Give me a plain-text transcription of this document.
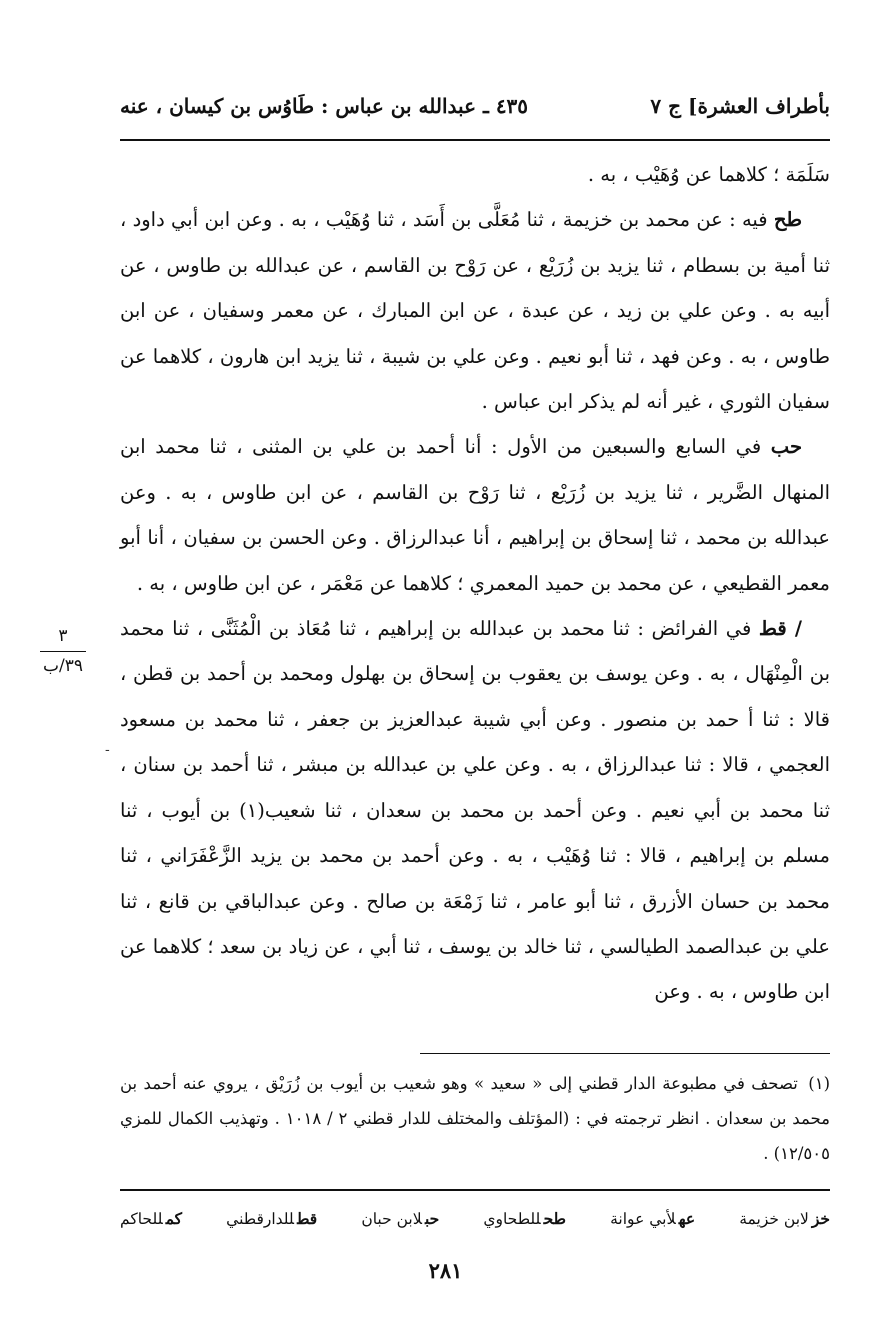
بأطراف العشرة] ج ٧
٤٣٥ ـ عبدالله بن عباس : طَاوُس بن كيسان ، عنه

سَلَمَة ؛ كلاهما عن وُهَيْب ، به .

طح فيه : عن محمد بن خزيمة ، ثنا مُعَلَّى بن أَسَد ، ثنا وُهَيْب ، به . وعن ابن أبي داود ، ثنا أمية بن بسطام ، ثنا يزيد بن زُرَيْع ، عن رَوْح بن القاسم ، عن عبدالله بن طاوس ، عن أبيه به . وعن علي بن زيد ، عن عبدة ، عن ابن المبارك ، عن معمر وسفيان ، عن ابن طاوس ، به . وعن فهد ، ثنا أبو نعيم . وعن علي بن شيبة ، ثنا يزيد ابن هارون ، كلاهما عن سفيان الثوري ، غير أنه لم يذكر ابن عباس .

حب في السابع والسبعين من الأول : أنا أحمد بن علي بن المثنى ، ثنا محمد ابن المنهال الضَّرير ، ثنا يزيد بن زُرَيْع ، ثنا رَوْح بن القاسم ، عن ابن طاوس ، به . وعن عبدالله بن محمد ، ثنا إسحاق بن إبراهيم ، أنا عبدالرزاق . وعن الحسن بن سفيان ، أنا أبو معمر القطيعي ، عن محمد بن حميد المعمري ؛ كلاهما عن مَعْمَر ، عن ابن طاوس ، به .

/ قط في الفرائض : ثنا محمد بن عبدالله بن إبراهيم ، ثنا مُعَاذ بن الْمُثَنَّى ، ثنا محمد بن الْمِنْهَال ، به . وعن يوسف بن يعقوب بن إسحاق بن بهلول ومحمد بن أحمد بن قطن ، قالا : ثنا أ حمد بن منصور . وعن أبي شيبة عبدالعزيز بن جعفر ، ثنا محمد بن مسعود العجمي ، قالا : ثنا عبدالرزاق ، به . وعن علي بن عبدالله بن مبشر ، ثنا أحمد بن سنان ، ثنا محمد بن أبي نعيم . وعن أحمد بن محمد بن سعدان ، ثنا شعيب(١) بن أيوب ، ثنا مسلم بن إبراهيم ، قالا : ثنا وُهَيْب ، به . وعن أحمد بن محمد بن يزيد الزَّعْفَرَاني ، ثنا محمد بن حسان الأزرق ، ثنا أبو عامر ، ثنا زَمْعَة بن صالح . وعن عبدالباقي بن قانع ، ثنا علي بن عبدالصمد الطيالسي ، ثنا خالد بن يوسف ، ثنا أبي ، عن زياد بن سعد ؛ كلاهما عن ابن طاوس ، به . وعن

٣
٣٩/ب
-

(١) تصحف في مطبوعة الدار قطني إلى « سعيد » وهو شعيب بن أيوب بن زُرَيْق ، يروي عنه أحمد بن محمد بن سعدان . انظر ترجمته في : (المؤتلف والمختلف للدار قطني ٢ / ١٠١٨ . وتهذيب الكمال للمزي ١٢/٥٠٥) .

خزلابن خزيمة
عهلأبي عوانة
طحللطحاوي
حبلابن حبان
قطللدارقطني
كمللحاكم
٢٨١
